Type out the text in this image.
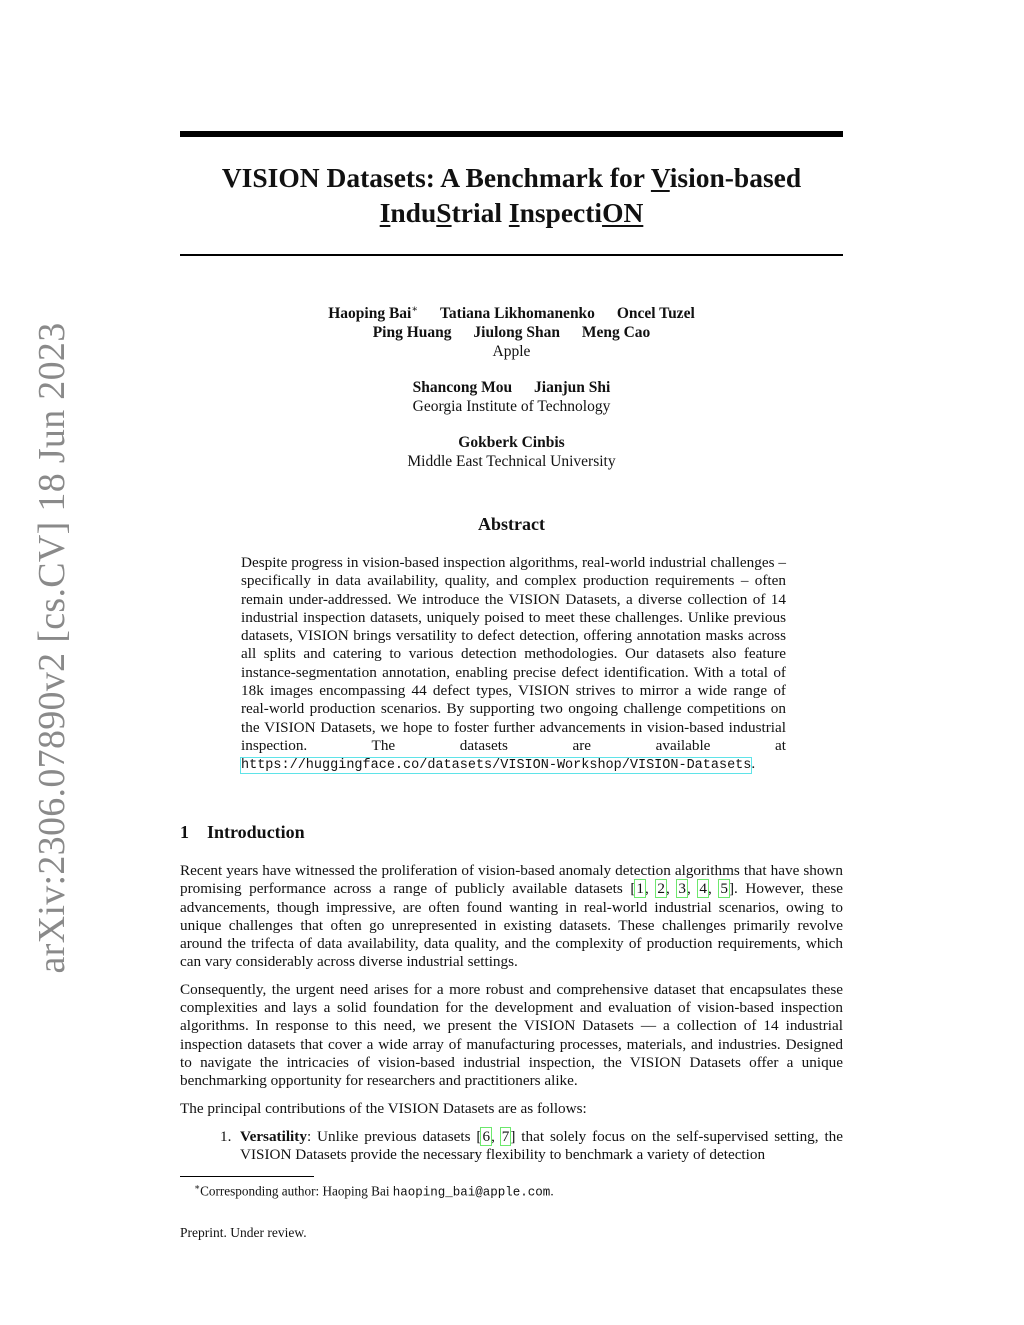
arXiv:2306.07890v2 [cs.CV] 18 Jun 2023
VISION Datasets: A Benchmark for Vision-based
InduStrial InspectiON
Haoping Bai∗ Tatiana Likhomanenko Oncel Tuzel
Ping Huang Jiulong Shan Meng Cao
Apple
Shancong Mou Jianjun Shi
Georgia Institute of Technology
Gokberk Cinbis
Middle East Technical University
Abstract
Despite progress in vision-based inspection algorithms, real-world industrial challenges – specifically in data availability, quality, and complex production requirements – often remain under-addressed. We introduce the VISION Datasets, a diverse collection of 14 industrial inspection datasets, uniquely poised to meet these challenges. Unlike previous datasets, VISION brings versatility to defect detection, offering annotation masks across all splits and catering to various detection methodologies. Our datasets also feature instance-segmentation annotation, enabling precise defect identification. With a total of 18k images encompassing 44 defect types, VISION strives to mirror a wide range of real-world production scenarios. By supporting two ongoing challenge competitions on the VISION Datasets, we hope to foster further advancements in vision-based industrial inspection. The datasets are available at https://huggingface.co/datasets/VISION-Workshop/VISION-Datasets.
1 Introduction

Recent years have witnessed the proliferation of vision-based anomaly detection algorithms that have shown promising performance across a range of publicly available datasets [1, 2, 3, 4, 5]. However, these advancements, though impressive, are often found wanting in real-world industrial scenarios, owing to unique challenges that often go unrepresented in existing datasets. These challenges primarily revolve around the trifecta of data availability, data quality, and the complexity of production requirements, which can vary considerably across diverse industrial settings.

Consequently, the urgent need arises for a more robust and comprehensive dataset that encapsulates these complexities and lays a solid foundation for the development and evaluation of vision-based inspection algorithms. In response to this need, we present the VISION Datasets — a collection of 14 industrial inspection datasets that cover a wide array of manufacturing processes, materials, and industries. Designed to navigate the intricacies of vision-based industrial inspection, the VISION Datasets offer a unique benchmarking opportunity for researchers and practitioners alike.

The principal contributions of the VISION Datasets are as follows:

1. Versatility: Unlike previous datasets [6, 7] that solely focus on the self-supervised setting, the VISION Datasets provide the necessary flexibility to benchmark a variety of detection
∗Corresponding author: Haoping Bai haoping_bai@apple.com.
Preprint. Under review.
